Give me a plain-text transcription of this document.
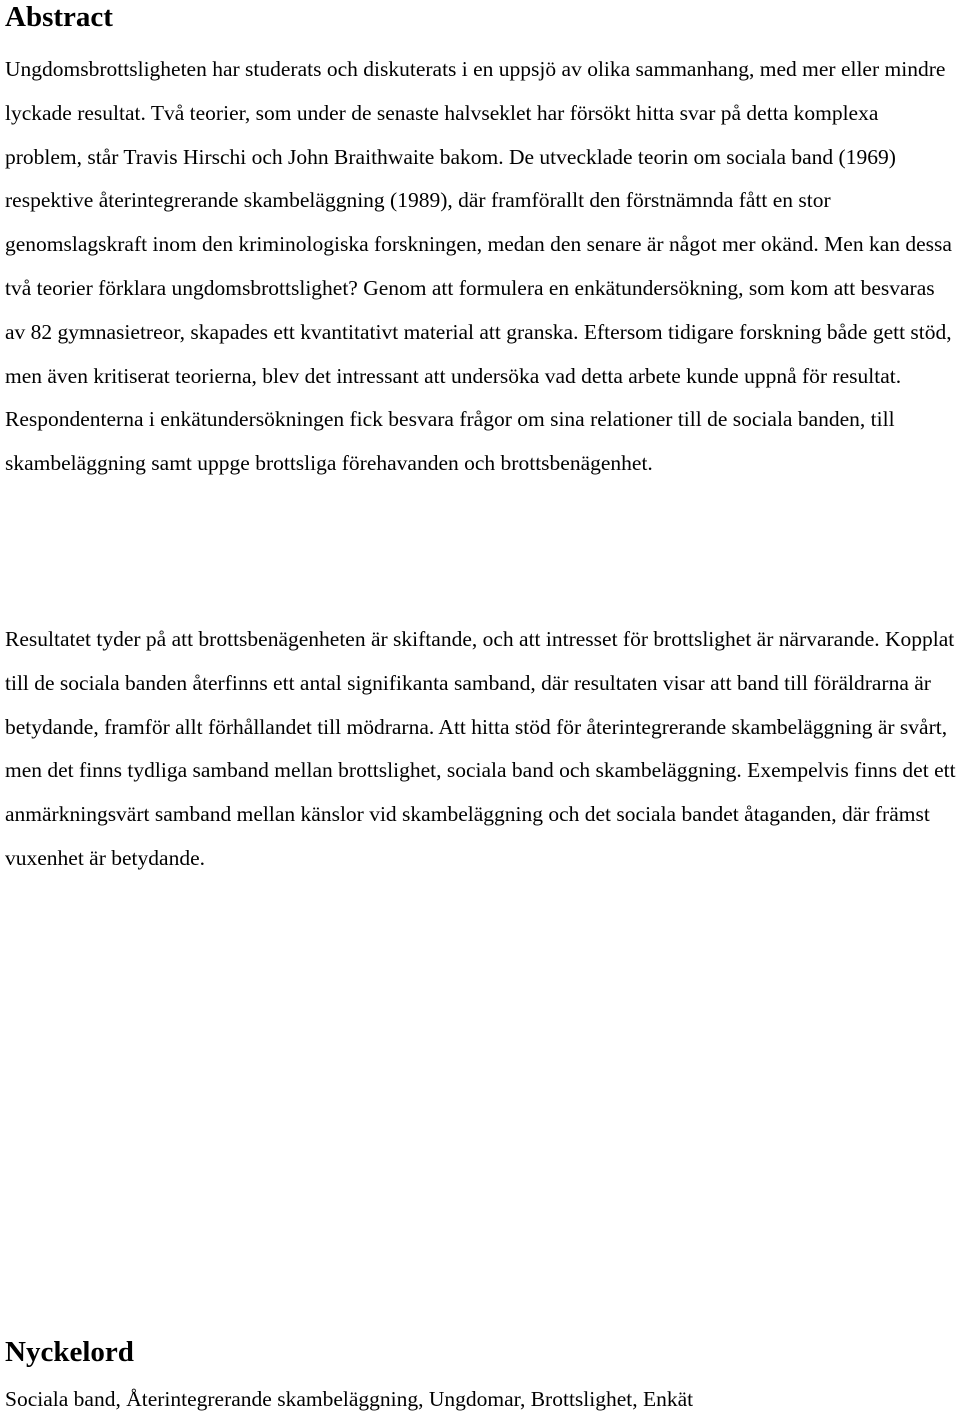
Abstract

Ungdomsbrottsligheten har studerats och diskuterats i en uppsjö av olika sammanhang, med mer eller mindre lyckade resultat. Två teorier, som under de senaste halvseklet har försökt hitta svar på detta komplexa problem, står Travis Hirschi och John Braithwaite bakom. De utvecklade teorin om sociala band (1969) respektive återintegrerande skambeläggning (1989), där framförallt den förstnämnda fått en stor genomslagskraft inom den kriminologiska forskningen, medan den senare är något mer okänd. Men kan dessa två teorier förklara ungdomsbrottslighet? Genom att formulera en enkätundersökning, som kom att besvaras av 82 gymnasietreor, skapades ett kvantitativt material att granska. Eftersom tidigare forskning både gett stöd, men även kritiserat teorierna, blev det intressant att undersöka vad detta arbete kunde uppnå för resultat. Respondenterna i enkätundersökningen fick besvara frågor om sina relationer till de sociala banden, till skambeläggning samt uppge brottsliga förehavanden och brottsbenägenhet.

Resultatet tyder på att brottsbenägenheten är skiftande, och att intresset för brottslighet är närvarande. Kopplat till de sociala banden återfinns ett antal signifikanta samband, där resultaten visar att band till föräldrarna är betydande, framför allt förhållandet till mödrarna. Att hitta stöd för återintegrerande skambeläggning är svårt, men det finns tydliga samband mellan brottslighet, sociala band och skambeläggning. Exempelvis finns det ett anmärkningsvärt samband mellan känslor vid skambeläggning och det sociala bandet åtaganden, där främst vuxenhet är betydande.

Nyckelord

Sociala band, Återintegrerande skambeläggning, Ungdomar, Brottslighet, Enkät
